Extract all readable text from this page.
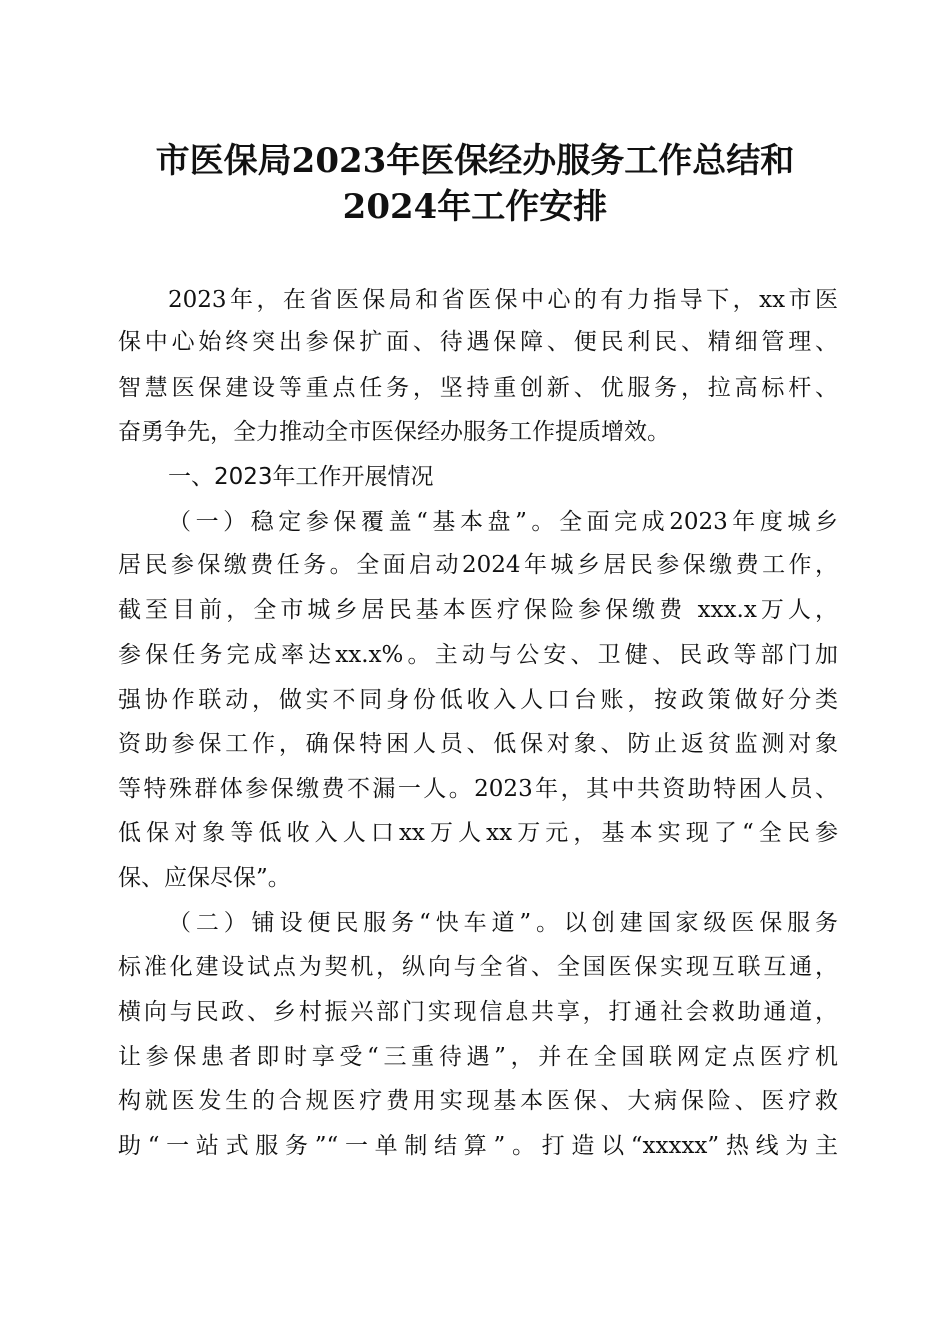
市医保局2023年医保经办服务工作总结和
2024年工作安排
2023年，在省医保局和省医保中心的有力指导下，xx市医
保中心始终突出参保扩面、待遇保障、便民利民、精细管理、
智慧医保建设等重点任务，坚持重创新、优服务，拉高标杆、
奋勇争先，全力推动全市医保经办服务工作提质增效。
一、2023年工作开展情况
（一）稳定参保覆盖“基本盘”。全面完成2023年度城乡
居民参保缴费任务。全面启动2024年城乡居民参保缴费工作，
截至目前，全市城乡居民基本医疗保险参保缴费 xxx.x万人，
参保任务完成率达xx.x%。主动与公安、卫健、民政等部门加
强协作联动，做实不同身份低收入人口台账，按政策做好分类
资助参保工作，确保特困人员、低保对象、防止返贫监测对象
等特殊群体参保缴费不漏一人。2023年，其中共资助特困人员、
低保对象等低收入人口xx万人xx万元，基本实现了“全民参
保、应保尽保”。
（二）铺设便民服务“快车道”。以创建国家级医保服务
标准化建设试点为契机，纵向与全省、全国医保实现互联互通，
横向与民政、乡村振兴部门实现信息共享，打通社会救助通道，
让参保患者即时享受“三重待遇”，并在全国联网定点医疗机
构就医发生的合规医疗费用实现基本医保、大病保险、医疗救
助“一站式服务”“一单制结算”。打造以“xxxxx”热线为主
